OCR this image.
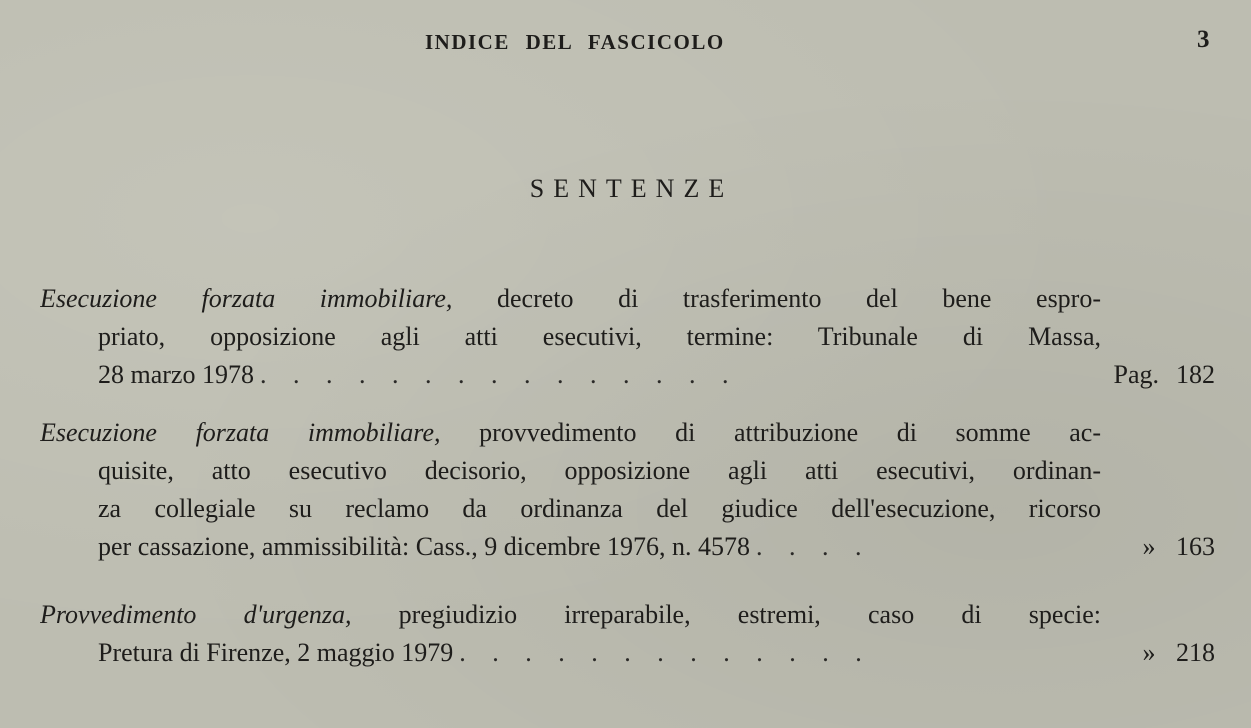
INDICE DEL FASCICOLO	3
SENTENZE
Esecuzione forzata immobiliare, decreto di trasferimento del bene espro-
priato, opposizione agli atti esecutivi, termine: Tribunale di Massa,
28 marzo 1978 . . . . . . . . . . . . . . .	Pag. 182
Esecuzione forzata immobiliare, provvedimento di attribuzione di somme ac-
quisite, atto esecutivo decisorio, opposizione agli atti esecutivi, ordinan-
za collegiale su reclamo da ordinanza del giudice dell'esecuzione, ricorso
per cassazione, ammissibilità: Cass., 9 dicembre 1976, n. 4578 . . . .	» 163
Provvedimento d'urgenza, pregiudizio irreparabile, estremi, caso di specie:
Pretura di Firenze, 2 maggio 1979 . . . . . . . . . . . . .	» 218
